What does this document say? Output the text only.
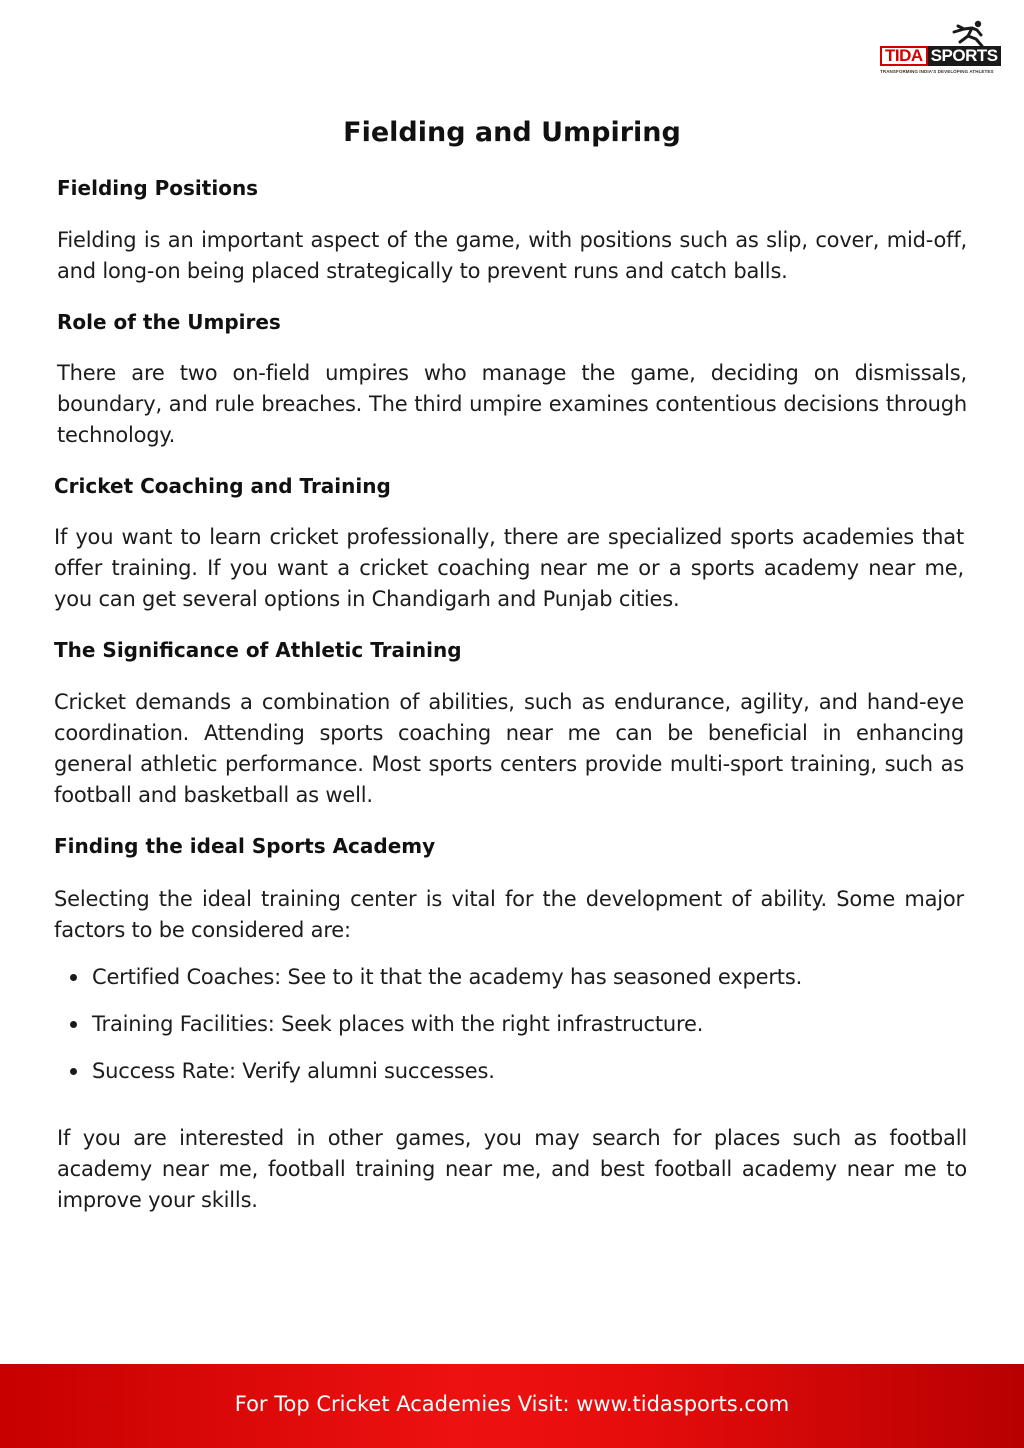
TIDA SPORTS
TRANSFORMING INDIA'S DEVELOPING ATHLETES
Fielding and Umpiring
Fielding Positions

Fielding is an important aspect of the game, with positions such as slip, cover, mid-off, and long-on being placed strategically to prevent runs and catch balls.

Role of the Umpires

There are two on-field umpires who manage the game, deciding on dismissals, boundary, and rule breaches. The third umpire examines contentious decisions through technology.

Cricket Coaching and Training

If you want to learn cricket professionally, there are specialized sports academies that offer training. If you want a cricket coaching near me or a sports academy near me, you can get several options in Chandigarh and Punjab cities.

The Significance of Athletic Training

Cricket demands a combination of abilities, such as endurance, agility, and hand-eye coordination. Attending sports coaching near me can be beneficial in enhancing general athletic performance. Most sports centers provide multi-sport training, such as football and basketball as well.

Finding the ideal Sports Academy

Selecting the ideal training center is vital for the development of ability. Some major factors to be considered are:

Certified Coaches: See to it that the academy has seasoned experts.
Training Facilities: Seek places with the right infrastructure.
Success Rate: Verify alumni successes.

If you are interested in other games, you may search for places such as football academy near me, football training near me, and best football academy near me to improve your skills.

For Top Cricket Academies Visit: www.tidasports.com
